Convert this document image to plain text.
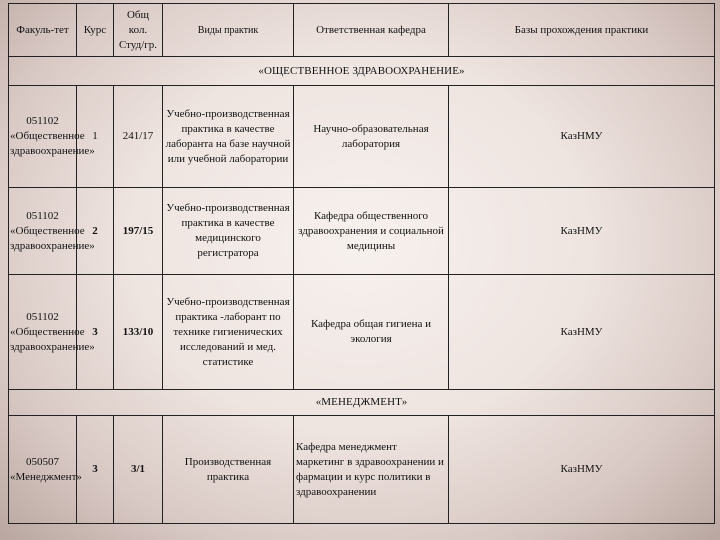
Факуль-тет	Курс	Общ
кол.
Студ/гр.	Виды практик	Ответственная кафедра	Базы прохождения практики
«ОЩЕСТВЕННОЕ ЗДРАВООХРАНЕНИЕ»					
051102 «Общественное здравоохранение»	1	241/17	Учебно-производственная практика в качестве лаборанта на базе научной или учебной лаборатории	Научно-образовательная лаборатория	КазНМУ
051102 «Общественное здравоохранение»	2	197/15	Учебно-производственная практика в качестве медицинского регистратора	Кафедра общественного здравоохранения и социальной медицины	КазНМУ
051102 «Общественное здравоохранение»	3	133/10	Учебно-производственная практика -лаборант по технике гигиенических исследований и мед. статистике	Кафедра общая гигиена и экология	КазНМУ
«МЕНЕДЖМЕНТ»					
050507 «Менеджмент»	3	3/1	Производственная практика	Кафедра менеджмент маркетинг в здравоохранении и фармации и курс политики в здравоохранении	КазНМУ
